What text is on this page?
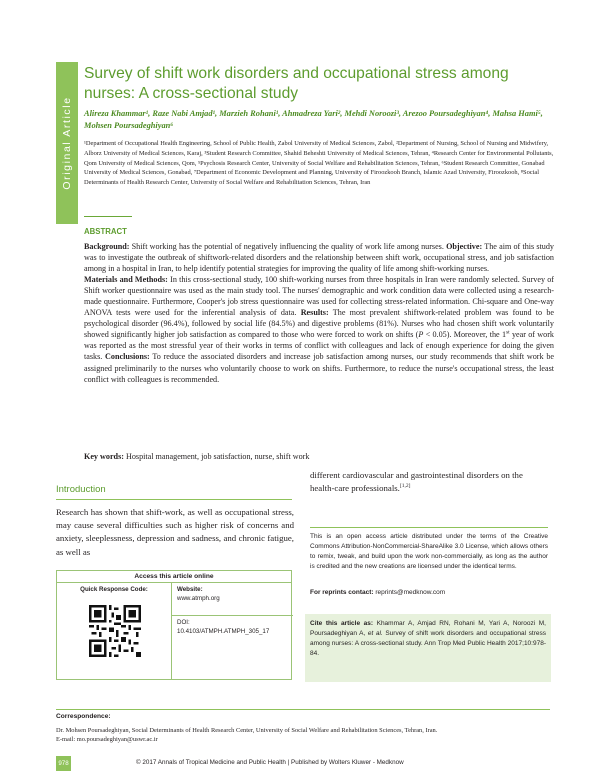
Original Article
Survey of shift work disorders and occupational stress among nurses: A cross-sectional study
Alireza Khammar¹, Raze Nabi Amjad¹, Marzieh Rohani¹, Ahmadreza Yari², Mehdi Noroozi³, Arezoo Poursadeghiyan⁴, Mahsa Hami⁵, Mohsen Poursadeghiyan⁶
¹Department of Occupational Health Engineering, School of Public Health, Zabol University of Medical Sciences, Zabol, ²Department of Nursing, School of Nursing and Midwifery, Alborz University of Medical Sciences, Karaj, ³Student Research Committee, Shahid Beheshti University of Medical Sciences, Tehran, ⁴Research Center for Environmental Pollutants, Qom University of Medical Sciences, Qom, ⁵Psychosis Research Center, University of Social Welfare and Rehabilitation Sciences, Tehran, ⁶Student Research Committee, Gonabad University of Medical Sciences, Gonabad, ⁷Department of Economic Development and Planning, University of Firoozkooh Branch, Islamic Azad University, Firoozkooh, ⁸Social Determinants of Health Research Center, University of Social Welfare and Rehabilitation Sciences, Tehran, Iran
ABSTRACT
Background: Shift working has the potential of negatively influencing the quality of work life among nurses. Objective: The aim of this study was to investigate the outbreak of shiftwork-related disorders and the relationship between shift work, occupational stress, and job satisfaction among in a hospital in Iran, to help identify potential strategies for improving the quality of life among shift-working nurses.
Materials and Methods: In this cross-sectional study, 100 shift-working nurses from three hospitals in Iran were randomly selected. Survey of Shift worker questionnaire was used as the main study tool. The nurses' demographic and work condition data were collected using a research-made questionnaire. Furthermore, Cooper's job stress questionnaire was used for collecting stress-related information. Chi-square and One-way ANOVA tests were used for the inferential analysis of data. Results: The most prevalent shiftwork-related problem was found to be psychological disorder (96.4%), followed by social life (84.5%) and digestive problems (81%). Nurses who had chosen shift work voluntarily showed significantly higher job satisfaction as compared to those who were forced to work on shifts (P < 0.05). Moreover, the 1st year of work was reported as the most stressful year of their works in terms of conflict with colleagues and lack of enough experience for doing the given tasks. Conclusions: To reduce the associated disorders and increase job satisfaction among nurses, our study recommends that shift work be assigned preliminarily to the nurses who voluntarily choose to work on shifts. Furthermore, to reduce the nurse's occupational stress, the least conflict with colleagues is recommended.
Key words: Hospital management, job satisfaction, nurse, shift work
Introduction
Research has shown that shift-work, as well as occupational stress, may cause several difficulties such as higher risk of concerns and anxiety, sleeplessness, depression and sadness, and chronic fatigue, as well as
different cardiovascular and gastrointestinal disorders on the health-care professionals.[1,2]
Access this article online
Quick Response Code:	Website:
www.atmph.org
DOI:
10.4103/ATMPH.ATMPH_305_17
This is an open access article distributed under the terms of the Creative Commons Attribution-NonCommercial-ShareAlike 3.0 License, which allows others to remix, tweak, and build upon the work non-commercially, as long as the author is credited and the new creations are licensed under the identical terms.
For reprints contact: reprints@medknow.com
Cite this article as: Khammar A, Amjad RN, Rohani M, Yari A, Noroozi M, Poursadeghiyan A, et al. Survey of shift work disorders and occupational stress among nurses: A cross-sectional study. Ann Trop Med Public Health 2017;10:978-84.
Correspondence:
Dr. Mohsen Poursadeghiyan, Social Determinants of Health Research Center, University of Social Welfare and Rehabilitation Sciences, Tehran, Iran.
E-mail: mo.poursadeghiyan@uswr.ac.ir
978	© 2017 Annals of Tropical Medicine and Public Health | Published by Wolters Kluwer - Medknow
